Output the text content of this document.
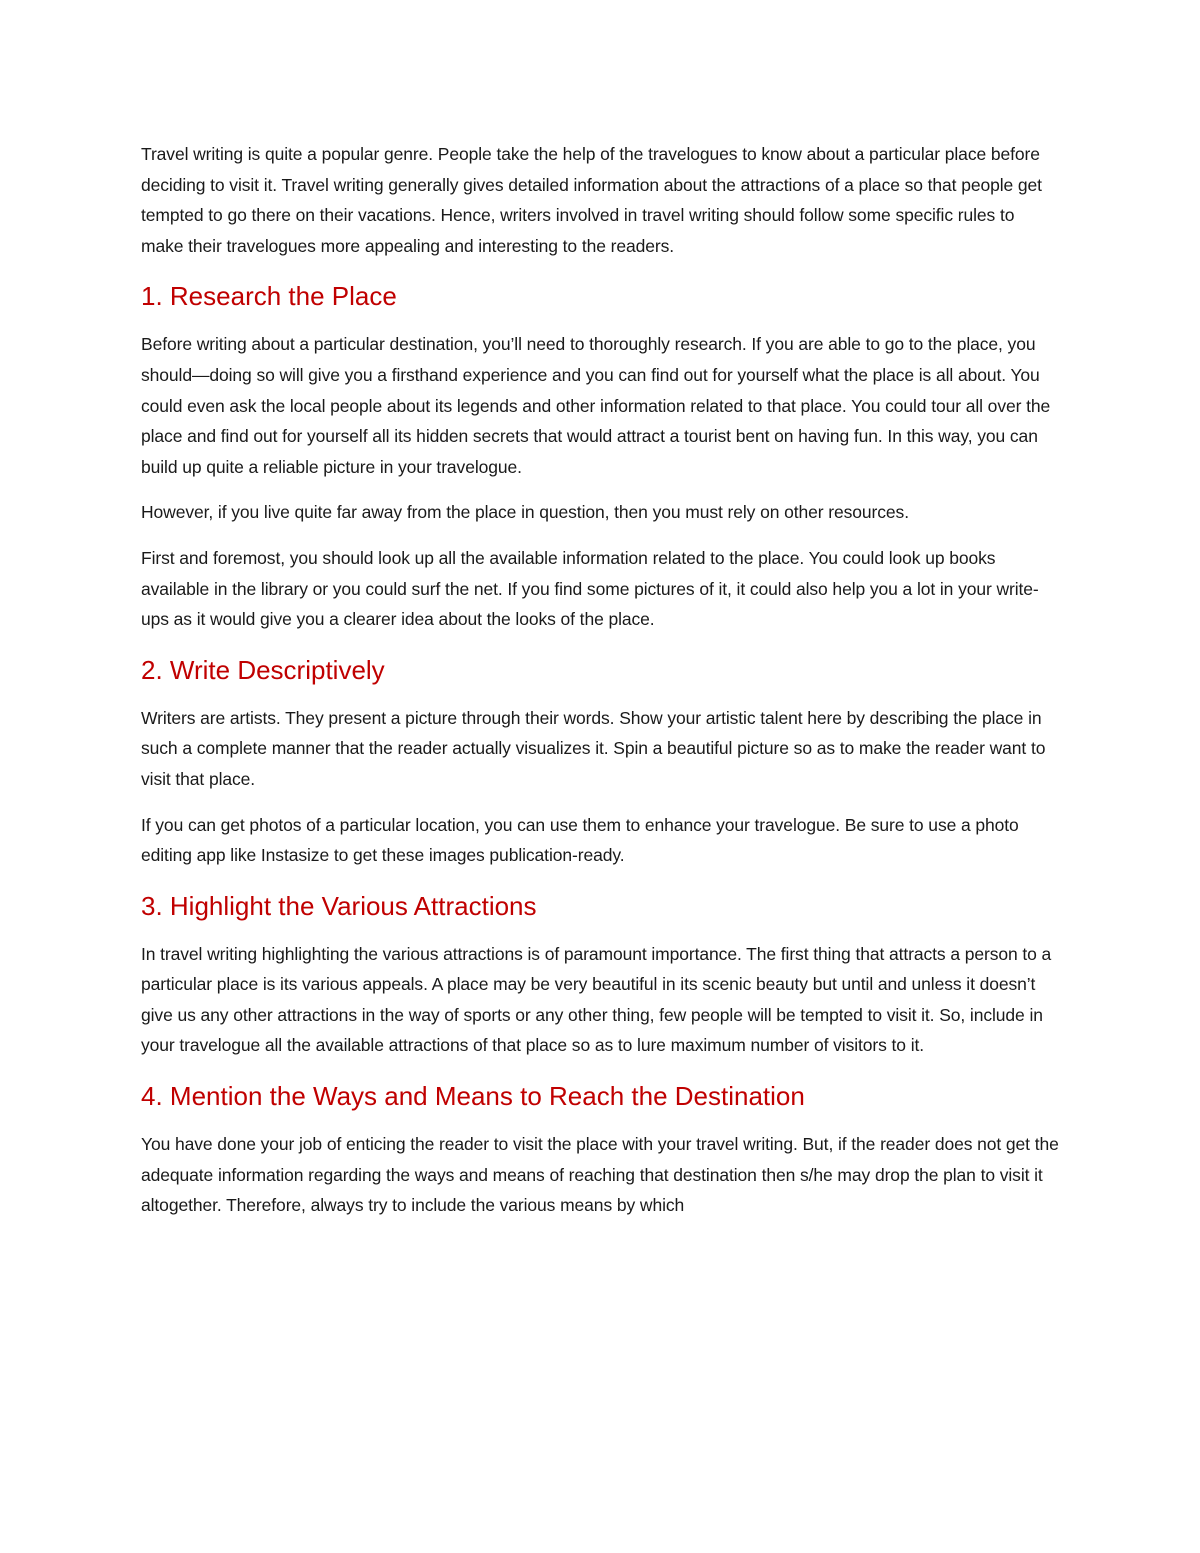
Travel writing is quite a popular genre. People take the help of the travelogues to know about a particular place before deciding to visit it. Travel writing generally gives detailed information about the attractions of a place so that people get tempted to go there on their vacations. Hence, writers involved in travel writing should follow some specific rules to make their travelogues more appealing and interesting to the readers.

1. Research the Place

Before writing about a particular destination, you’ll need to thoroughly research. If you are able to go to the place, you should—doing so will give you a firsthand experience and you can find out for yourself what the place is all about. You could even ask the local people about its legends and other information related to that place. You could tour all over the place and find out for yourself all its hidden secrets that would attract a tourist bent on having fun. In this way, you can build up quite a reliable picture in your travelogue.

However, if you live quite far away from the place in question, then you must rely on other resources.

First and foremost, you should look up all the available information related to the place. You could look up books available in the library or you could surf the net. If you find some pictures of it, it could also help you a lot in your write-ups as it would give you a clearer idea about the looks of the place.

2. Write Descriptively

Writers are artists. They present a picture through their words. Show your artistic talent here by describing the place in such a complete manner that the reader actually visualizes it. Spin a beautiful picture so as to make the reader want to visit that place.

If you can get photos of a particular location, you can use them to enhance your travelogue. Be sure to use a photo editing app like Instasize to get these images publication-ready.

3. Highlight the Various Attractions

In travel writing highlighting the various attractions is of paramount importance. The first thing that attracts a person to a particular place is its various appeals. A place may be very beautiful in its scenic beauty but until and unless it doesn’t give us any other attractions in the way of sports or any other thing, few people will be tempted to visit it. So, include in your travelogue all the available attractions of that place so as to lure maximum number of visitors to it.

4. Mention the Ways and Means to Reach the Destination

You have done your job of enticing the reader to visit the place with your travel writing. But, if the reader does not get the adequate information regarding the ways and means of reaching that destination then s/he may drop the plan to visit it altogether. Therefore, always try to include the various means by which
